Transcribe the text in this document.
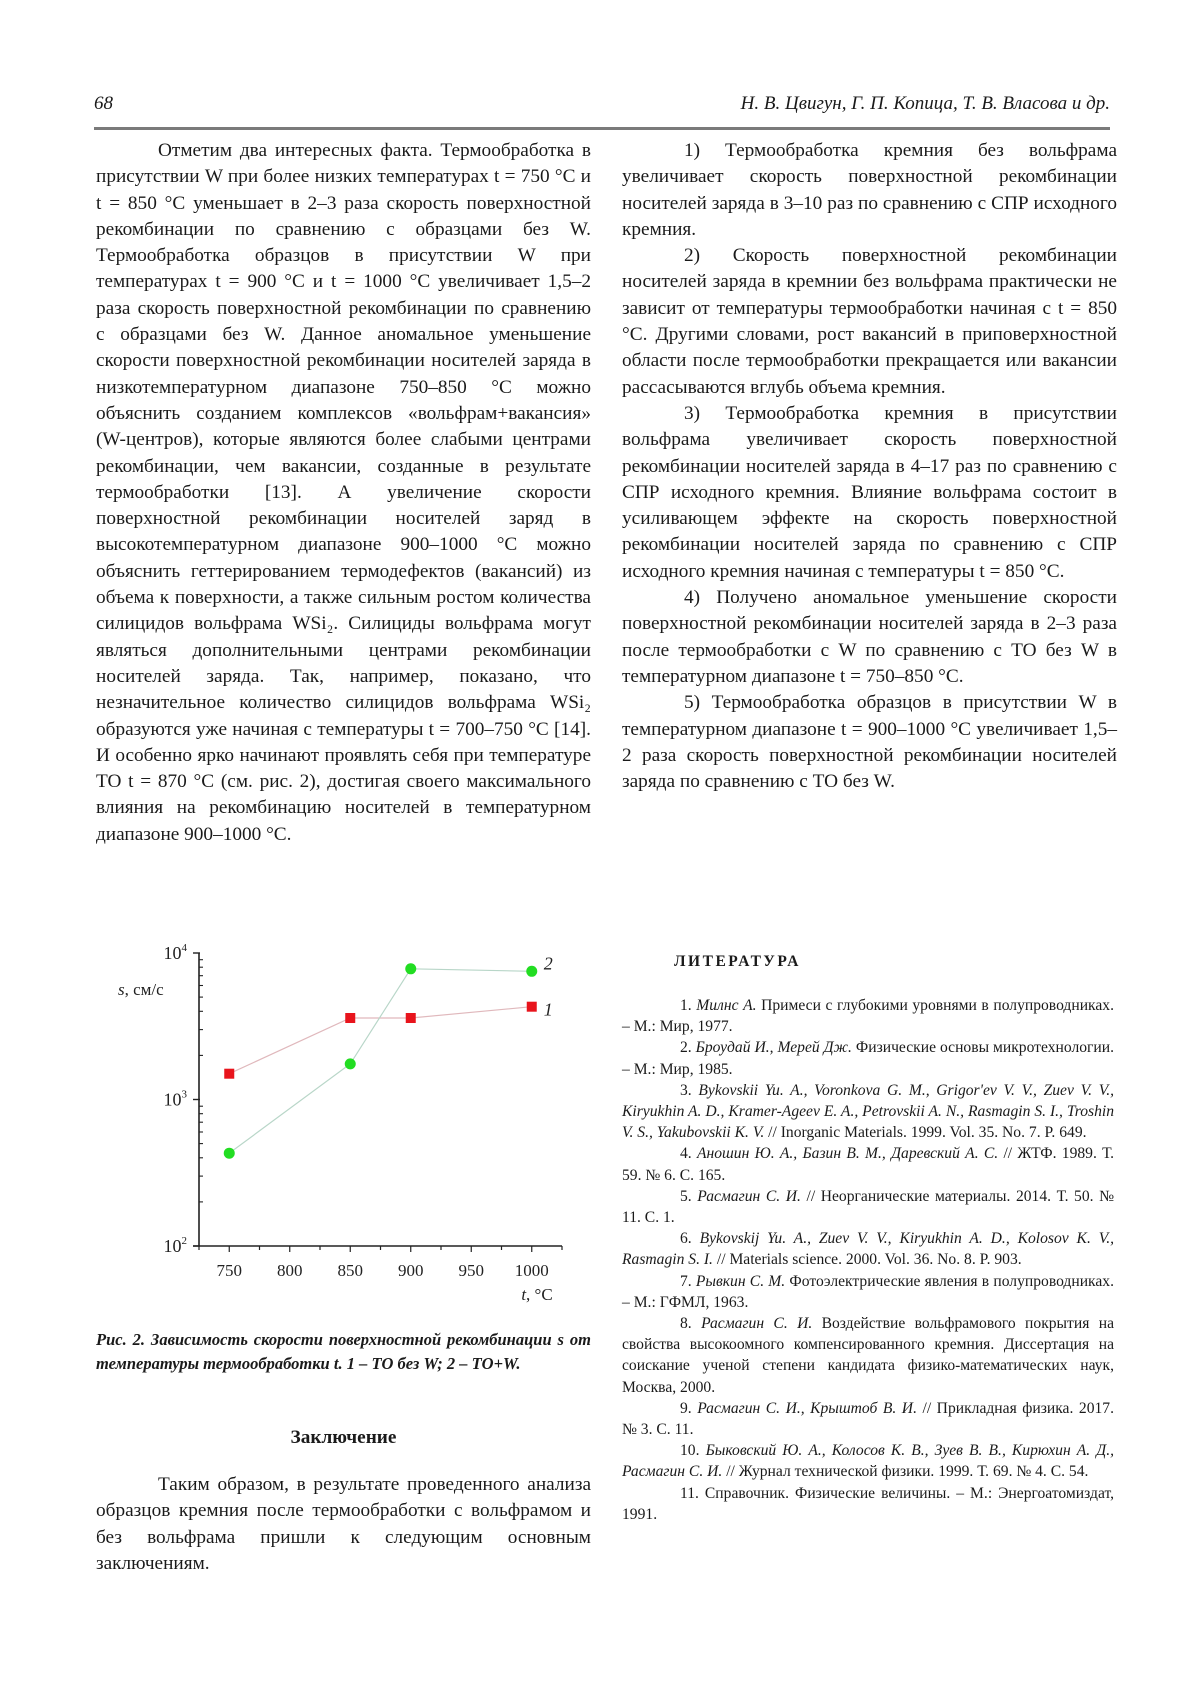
68	Н. В. Цвигун, Г. П. Копица, Т. В. Власова и др.

Отметим два интересных факта. Термообработка в присутствии W при более низких температурах t = 750 °C и t = 850 °C уменьшает в 2–3 раза скорость поверхностной рекомбинации по сравнению с образцами без W. Термообработка образцов в присутствии W при температурах t = 900 °C и t = 1000 °C увеличивает 1,5–2 раза скорость поверхностной рекомбинации по сравнению с образцами без W. Данное аномальное уменьшение скорости поверхностной рекомбинации носителей заряда в низкотемпературном диапазоне 750–850 °C можно объяснить созданием комплексов «вольфрам+вакансия» (W-центров), которые являются более слабыми центрами рекомбинации, чем вакансии, созданные в результате термообработки [13]. А увеличение скорости поверхностной рекомбинации носителей заряд в высокотемпературном диапазоне 900–1000 °C можно объяснить геттерированием термодефектов (вакансий) из объема к поверхности, а также сильным ростом количества силицидов вольфрама WSi₂. Силициды вольфрама могут являться дополнительными центрами рекомбинации носителей заряда. Так, например, показано, что незначительное количество силицидов вольфрама WSi₂ образуются уже начиная с температуры t = 700–750 °C [14]. И особенно ярко начинают проявлять себя при температуре ТО t = 870 °C (см. рис. 2), достигая своего максимального влияния на рекомбинацию носителей в температурном диапазоне 900–1000 °C.

750 800 850 900 950 1000
$10^4$
$10^3$
$10^2$
s, см/с
t, °C
1
2
Рис. 2. Зависимость скорости поверхностной рекомбинации s от температуры термообработки t. 1 – ТО без W; 2 – ТО+W.
Заключение

Таким образом, в результате проведенного анализа образцов кремния после термообработки с вольфрамом и без вольфрама пришли к следующим основным заключениям.

1) Термообработка кремния без вольфрама увеличивает скорость поверхностной рекомбинации носителей заряда в 3–10 раз по сравнению с СПР исходного кремния.

2) Скорость поверхностной рекомбинации носителей заряда в кремнии без вольфрама практически не зависит от температуры термообработки начиная с t = 850 °C. Другими словами, рост вакансий в приповерхностной области после термообработки прекращается или вакансии рассасываются вглубь объема кремния.

3) Термообработка кремния в присутствии вольфрама увеличивает скорость поверхностной рекомбинации носителей заряда в 4–17 раз по сравнению с СПР исходного кремния. Влияние вольфрама состоит в усиливающем эффекте на скорость поверхностной рекомбинации носителей заряда по сравнению с СПР исходного кремния начиная с температуры t = 850 °C.

4) Получено аномальное уменьшение скорости поверхностной рекомбинации носителей заряда в 2–3 раза после термообработки с W по сравнению с ТО без W в температурном диапазоне t = 750–850 °C.

5) Термообработка образцов в присутствии W в температурном диапазоне t = 900–1000 °C увеличивает 1,5–2 раза скорость поверхностной рекомбинации носителей заряда по сравнению с ТО без W.

ЛИТЕРАТУРА

1. Милнс А. Примеси с глубокими уровнями в полупроводниках. – М.: Мир, 1977.

2. Броудай И., Мерей Дж. Физические основы микротехнологии. – М.: Мир, 1985.

3. Bykovskii Yu. A., Voronkova G. M., Grigor'ev V. V., Zuev V. V., Kiryukhin A. D., Kramer-Ageev E. A., Petrovskii A. N., Rasmagin S. I., Troshin V. S., Yakubovskii K. V. // Inorganic Materials. 1999. Vol. 35. No. 7. P. 649.

4. Аношин Ю. А., Базин В. М., Даревский А. С. // ЖТФ. 1989. Т. 59. № 6. С. 165.

5. Расмагин С. И. // Неорганические материалы. 2014. Т. 50. № 11. С. 1.

6. Bykovskij Yu. A., Zuev V. V., Kiryukhin A. D., Kolosov K. V., Rasmagin S. I. // Materials science. 2000. Vol. 36. No. 8. P. 903.

7. Рывкин С. М. Фотоэлектрические явления в полупроводниках. – М.: ГФМЛ, 1963.

8. Расмагин С. И. Воздействие вольфрамового покрытия на свойства высокоомного компенсированного кремния. Диссертация на соискание ученой степени кандидата физико-математических наук, Москва, 2000.

9. Расмагин С. И., Крыштоб В. И. // Прикладная физика. 2017. № 3. С. 11.

10. Быковский Ю. А., Колосов К. В., Зуев В. В., Кирюхин А. Д., Расмагин С. И. // Журнал технической физики. 1999. Т. 69. № 4. С. 54.

11. Справочник. Физические величины. – М.: Энергоатомиздат, 1991.
